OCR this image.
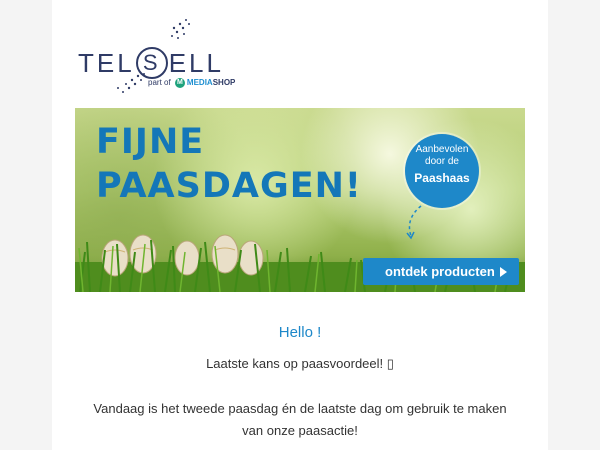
TEL S ELL
part of M MEDIASHOP
FIJNE
PAASDAGEN!
Aanbevolen
door de
Paashaas
ontdek producten
Hello !
Laatste kans op paasvoordeel! ▯
Vandaag is het tweede paasdag én de laatste dag om gebruik te maken van onze paasactie!
